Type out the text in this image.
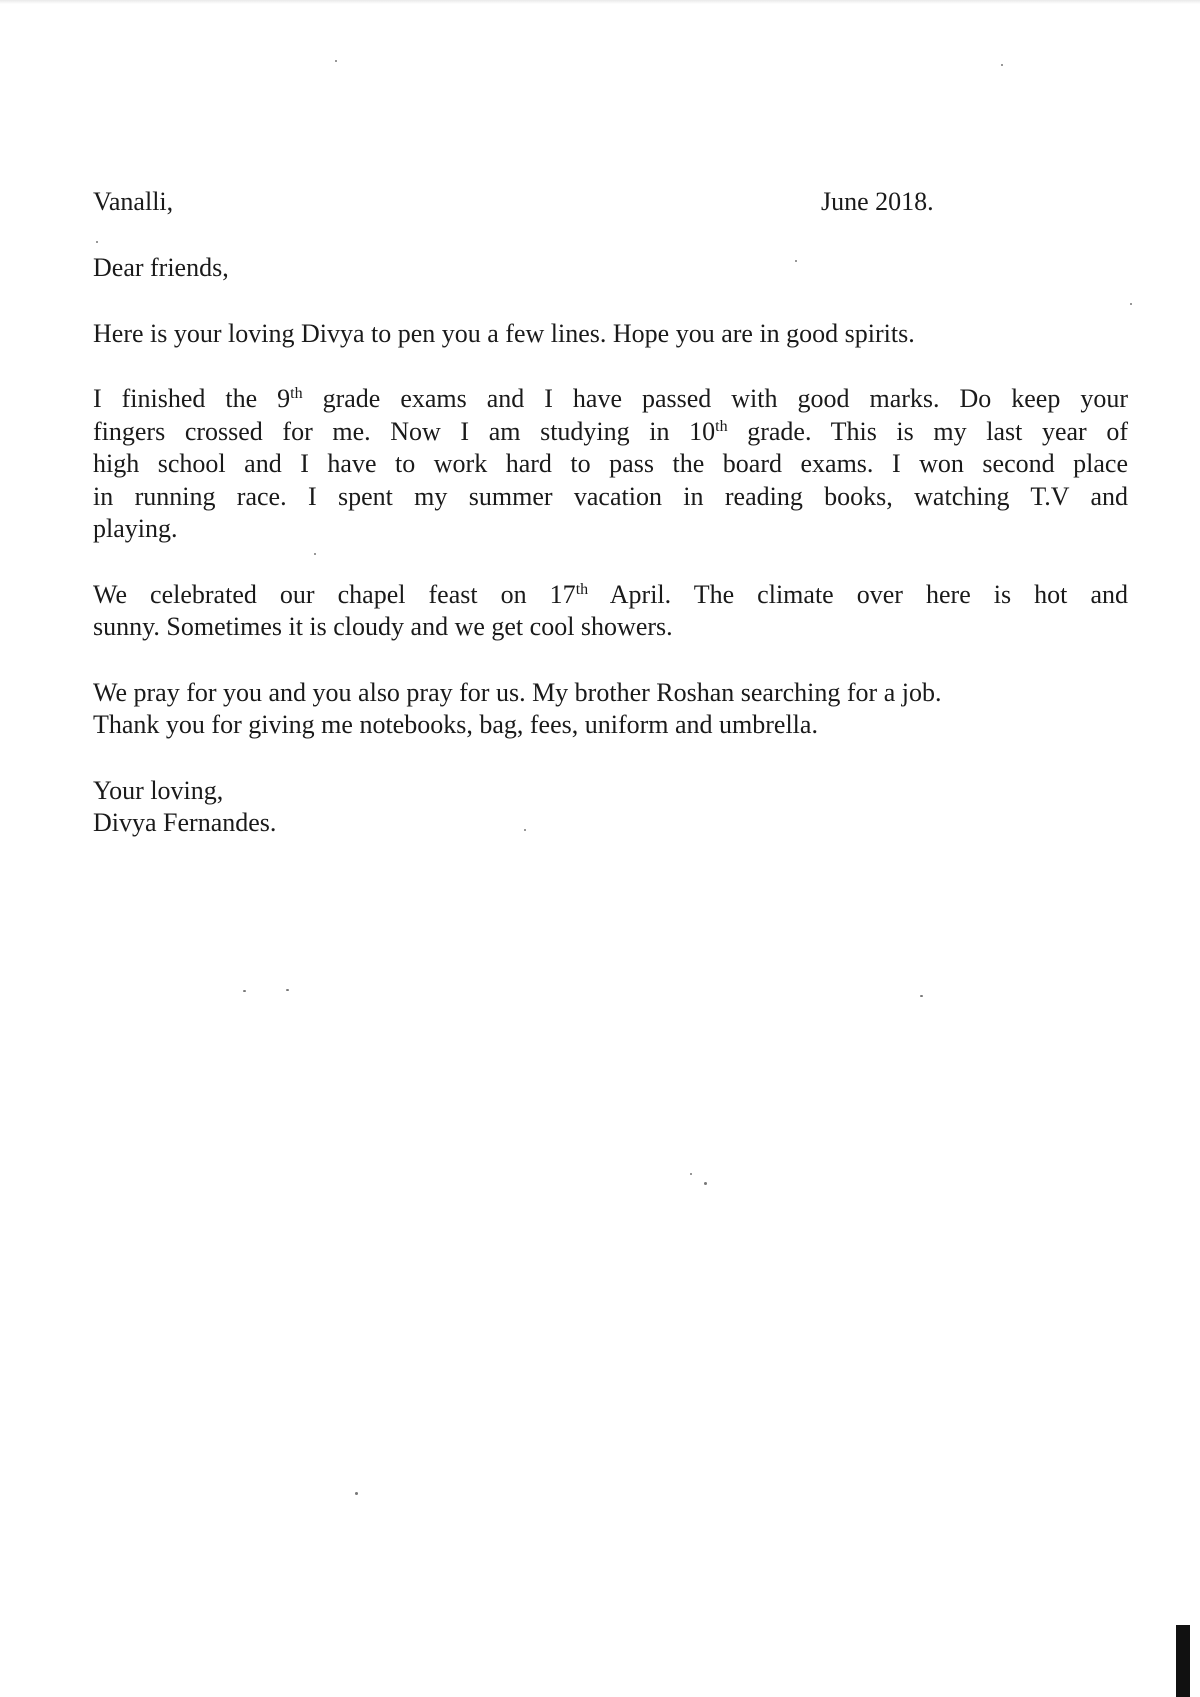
Vanalli,	June 2018.
Dear friends,
Here is your loving Divya to pen you a few lines. Hope you are in good spirits.
I finished the 9th grade exams and I have passed with good marks. Do keep your
fingers crossed for me. Now I am studying in 10th grade. This is my last year of
high school and I have to work hard to pass the board exams. I won second place
in running race. I spent my summer vacation in reading books, watching T.V and
playing.
We celebrated our chapel feast on 17th April. The climate over here is hot and
sunny. Sometimes it is cloudy and we get cool showers.
We pray for you and you also pray for us. My brother Roshan searching for a job.
Thank you for giving me notebooks, bag, fees, uniform and umbrella.
Your loving,
Divya Fernandes.
